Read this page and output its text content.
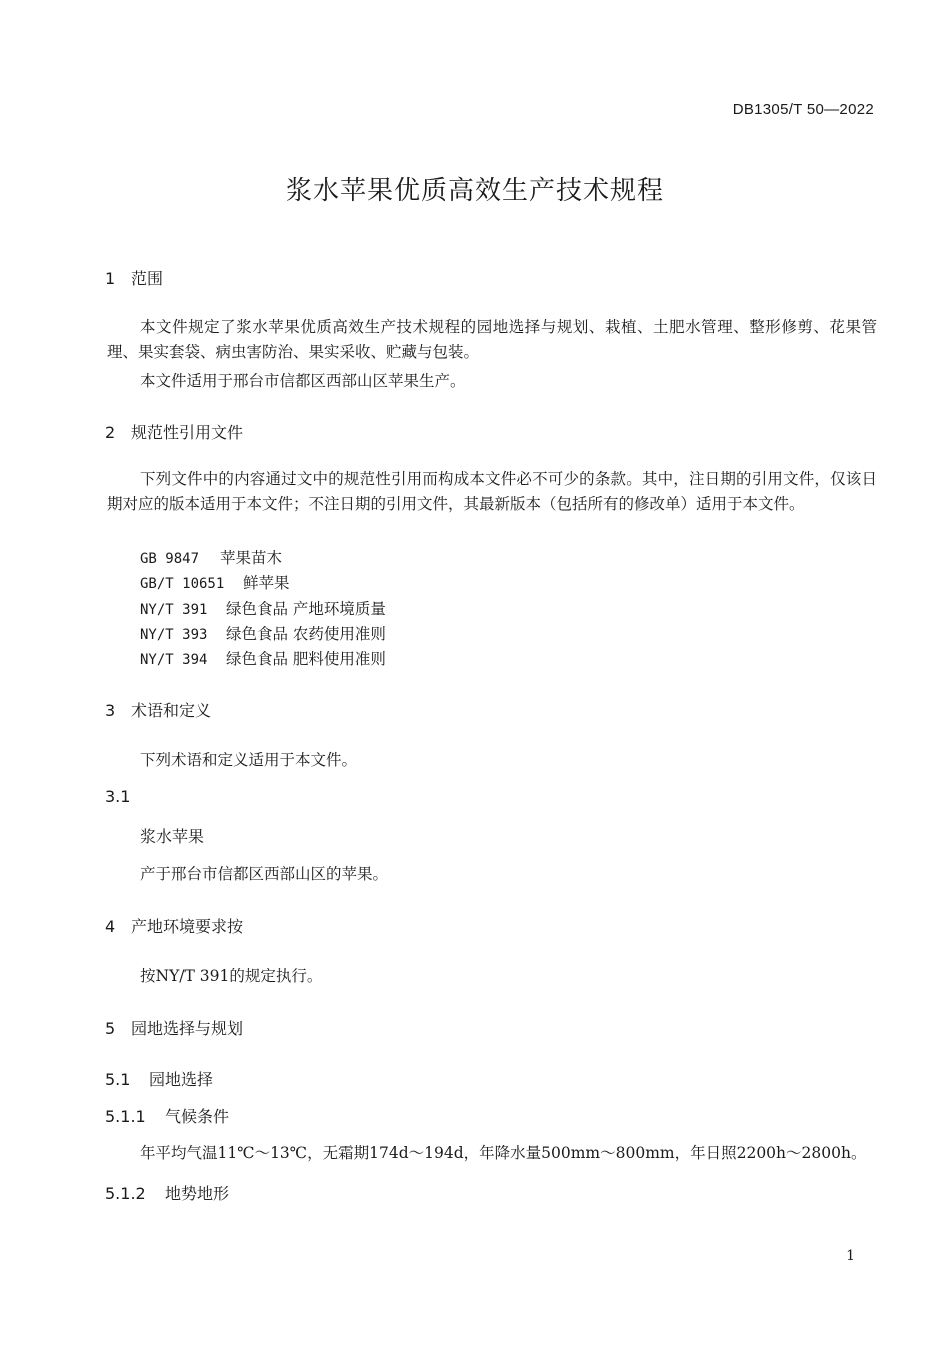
DB1305/T 50—2022
浆水苹果优质高效生产技术规程
1 范围
本文件规定了浆水苹果优质高效生产技术规程的园地选择与规划、栽植、土肥水管理、整形修剪、花果管理、果实套袋、病虫害防治、果实采收、贮藏与包装。
本文件适用于邢台市信都区西部山区苹果生产。
2 规范性引用文件
下列文件中的内容通过文中的规范性引用而构成本文件必不可少的条款。其中，注日期的引用文件，仅该日期对应的版本适用于本文件；不注日期的引用文件，其最新版本（包括所有的修改单）适用于本文件。
GB 9847 苹果苗木
GB/T 10651 鲜苹果
NY/T 391 绿色食品 产地环境质量
NY/T 393 绿色食品 农药使用准则
NY/T 394 绿色食品 肥料使用准则
3 术语和定义
下列术语和定义适用于本文件。
3.1
浆水苹果
产于邢台市信都区西部山区的苹果。
4 产地环境要求按
按NY/T 391的规定执行。
5 园地选择与规划
5.1 园地选择
5.1.1 气候条件
年平均气温11℃～13℃，无霜期174d～194d，年降水量500mm～800mm，年日照2200h～2800h。
5.1.2 地势地形
1
